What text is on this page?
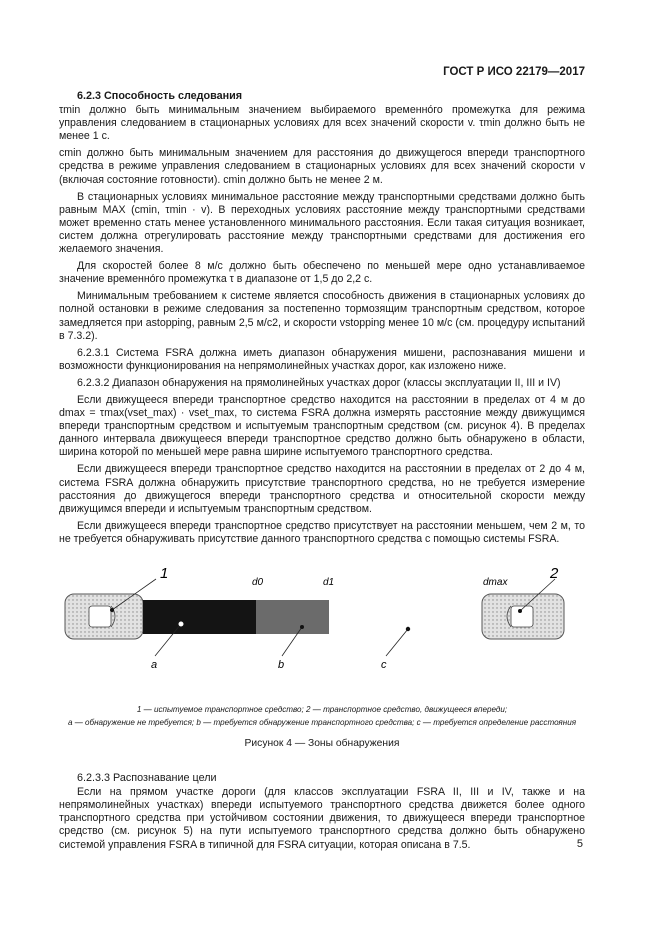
ГОСТ Р ИСО 22179—2017
6.2.3 Способность следования

τmin должно быть минимальным значением выбираемого временнóго промежутка для режима управления следованием в стационарных условиях для всех значений скорости v. τmin должно быть не менее 1 с.

cmin должно быть минимальным значением для расстояния до движущегося впереди транспортного средства в режиме управления следованием в стационарных условиях для всех значений скорости v (включая состояние готовности). cmin должно быть не менее 2 м.

В стационарных условиях минимальное расстояние между транспортными средствами должно быть равным MAX (cmin, τmin · v). В переходных условиях расстояние между транспортными средствами может временно стать менее установленного минимального расстояния. Если такая ситуация возникает, систем должна отрегулировать расстояние между транспортными средствами для достижения его желаемого значения.

Для скоростей более 8 м/с должно быть обеспечено по меньшей мере одно устанавливаемое значение временнóго промежутка τ в диапазоне от 1,5 до 2,2 с.

Минимальным требованием к системе является способность движения в стационарных условиях до полной остановки в режиме следования за постепенно тормозящим транспортным средством, которое замедляется при astopping, равным 2,5 м/с2, и скорости vstopping менее 10 м/с (см. процедуру испытаний в 7.3.2).

6.2.3.1 Система FSRA должна иметь диапазон обнаружения мишени, распознавания мишени и возможности функционирования на непрямолинейных участках дорог, как изложено ниже.

6.2.3.2 Диапазон обнаружения на прямолинейных участках дорог (классы эксплуатации II, III и IV)

Если движущееся впереди транспортное средство находится на расстоянии в пределах от 4 м до dmax = τmax(vset_max) · vset_max, то система FSRA должна измерять расстояние между движущимся впереди транспортным средством и испытуемым транспортным средством (см. рисунок 4). В пределах данного интервала движущееся впереди транспортное средство должно быть обнаружено в области, ширина которой по меньшей мере равна ширине испытуемого транспортного средства.

Если движущееся впереди транспортное средство находится на расстоянии в пределах от 2 до 4 м, система FSRA должна обнаружить присутствие транспортного средства, но не требуется измерение расстояния до движущегося впереди транспортного средства и относительной скорости между движущимся впереди и испытуемым транспортным средством.

Если движущееся впереди транспортное средство присутствует на расстоянии меньшем, чем 2 м, то не требуется обнаруживать присутствие данного транспортного средства с помощью системы FSRA.

1	2
d0	d1	dmax
a	b	c
1 — испытуемое транспортное средство; 2 — транспортное средство, движущееся впереди;
a — обнаружение не требуется; b — требуется обнаружение транспортного средства; c — требуется определение расстояния
Рисунок 4 — Зоны обнаружения
6.2.3.3 Распознавание цели

Если на прямом участке дороги (для классов эксплуатации FSRA II, III и IV, также и на непрямолинейных участках) впереди испытуемого транспортного средства движется более одного транспортного средства при устойчивом состоянии движения, то движущееся впереди транспортное средство (см. рисунок 5) на пути испытуемого транспортного средства должно быть обнаружено системой управления FSRA в типичной для FSRA ситуации, которая описана в 7.5.	5
